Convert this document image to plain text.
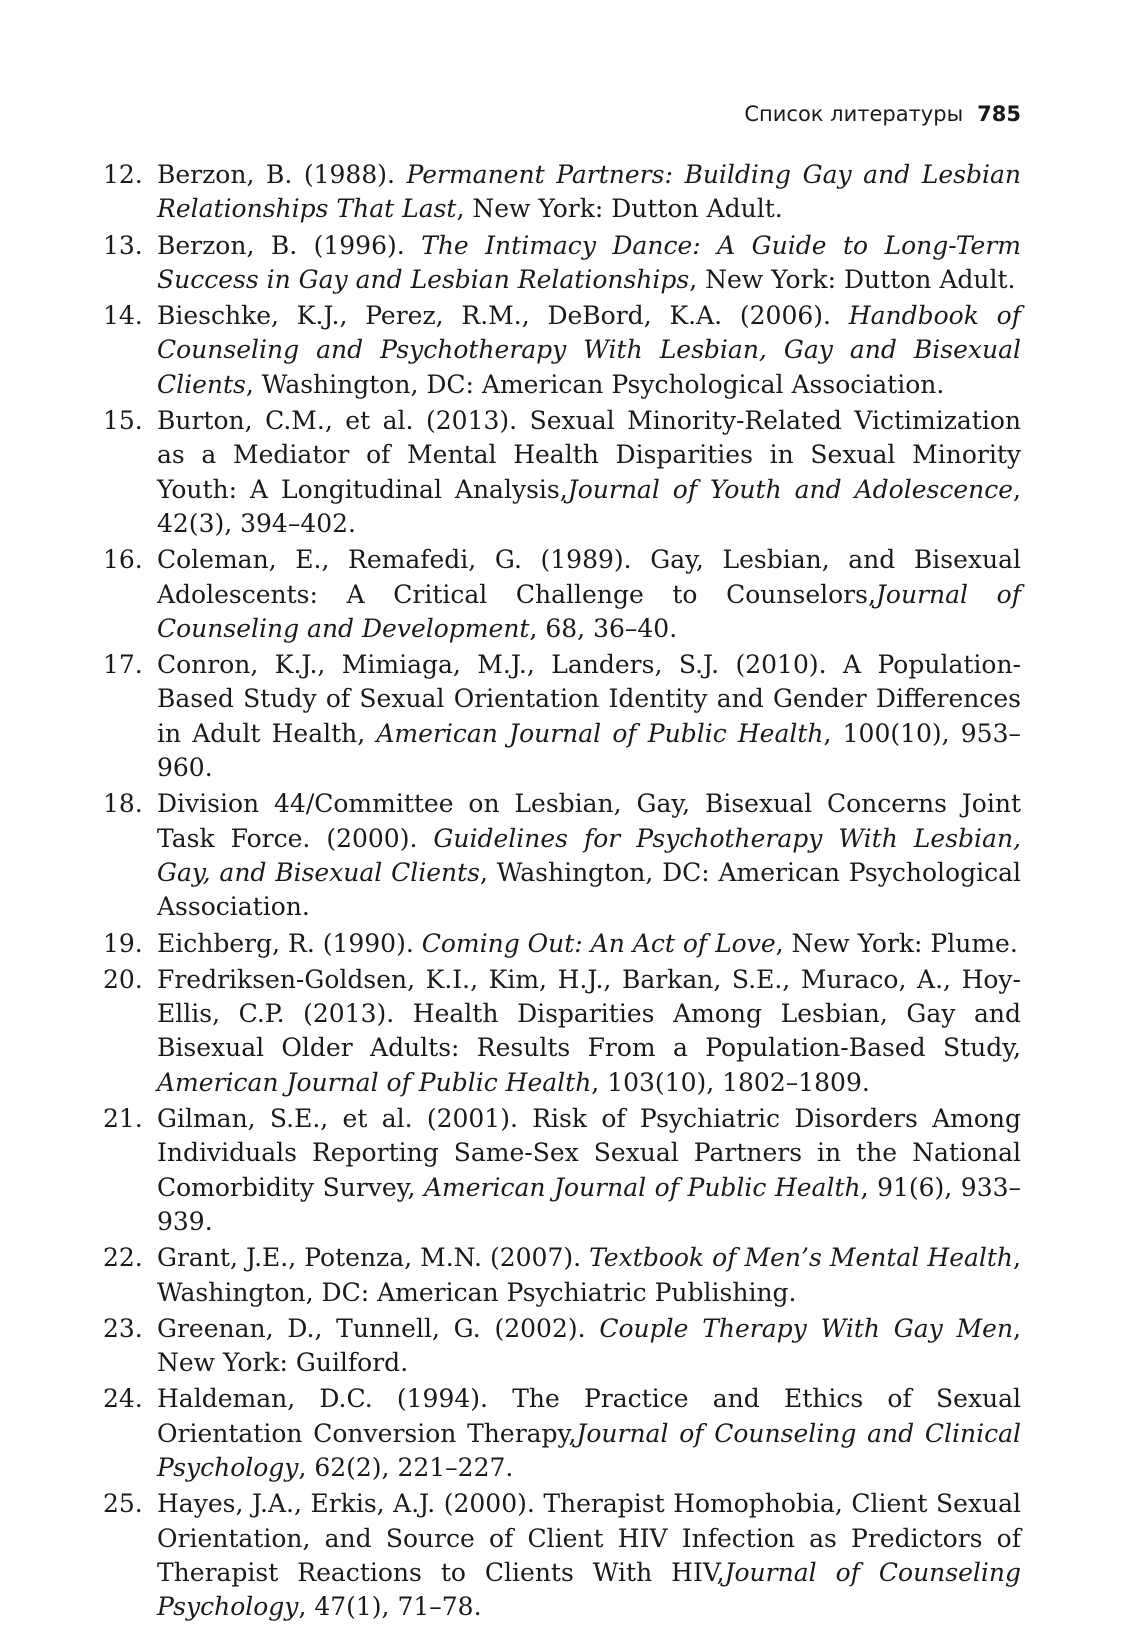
Список литературы 785
12. Berzon, B. (1988). Permanent Partners: Building Gay and Lesbian Relationships That Last, New York: Dutton Adult.
13. Berzon, B. (1996). The Intimacy Dance: A Guide to Long-Term Success in Gay and Lesbian Relationships, New York: Dutton Adult.
14. Bieschke, K.J., Perez, R.M., DeBord, K.A. (2006). Handbook of Counseling and Psychotherapy With Lesbian, Gay and Bisexual Clients, Washington, DC: American Psychological Association.
15. Burton, C.M., et al. (2013). Sexual Minority-Related Victimization as a Mediator of Mental Health Disparities in Sexual Minority Youth: A Longitudinal Analysis,Journal of Youth and Adolescence, 42(3), 394–402.
16. Coleman, E., Remafedi, G. (1989). Gay, Lesbian, and Bisexual Adolescents: A Critical Challenge to Counselors,Journal of Counseling and Development, 68, 36–40.
17. Conron, K.J., Mimiaga, M.J., Landers, S.J. (2010). A Population-Based Study of Sexual Orientation Identity and Gender Differences in Adult Health, American Journal of Public Health, 100(10), 953–960.
18. Division 44/Committee on Lesbian, Gay, Bisexual Concerns Joint Task Force. (2000). Guidelines for Psychotherapy With Lesbian, Gay, and Bisexual Clients, Washington, DC: American Psychological Association.
19. Eichberg, R. (1990). Coming Out: An Act of Love, New York: Plume.
20. Fredriksen-Goldsen, K.I., Kim, H.J., Barkan, S.E., Muraco, A., Hoy-Ellis, C.P. (2013). Health Disparities Among Lesbian, Gay and Bisexual Older Adults: Results From a Population-Based Study, American Journal of Public Health, 103(10), 1802–1809.
21. Gilman, S.E., et al. (2001). Risk of Psychiatric Disorders Among Individuals Reporting Same-Sex Sexual Partners in the National Comorbidity Survey, American Journal of Public Health, 91(6), 933–939.
22. Grant, J.E., Potenza, M.N. (2007). Textbook of Men’s Mental Health, Washington, DC: American Psychiatric Publishing.
23. Greenan, D., Tunnell, G. (2002). Couple Therapy With Gay Men, New York: Guilford.
24. Haldeman, D.C. (1994). The Practice and Ethics of Sexual Orientation Conversion Therapy,Journal of Counseling and Clinical Psychology, 62(2), 221–227.
25. Hayes, J.A., Erkis, A.J. (2000). Therapist Homophobia, Client Sexual Orientation, and Source of Client HIV Infection as Predictors of Therapist Reactions to Clients With HIV,Journal of Counseling Psychology, 47(1), 71–78.
